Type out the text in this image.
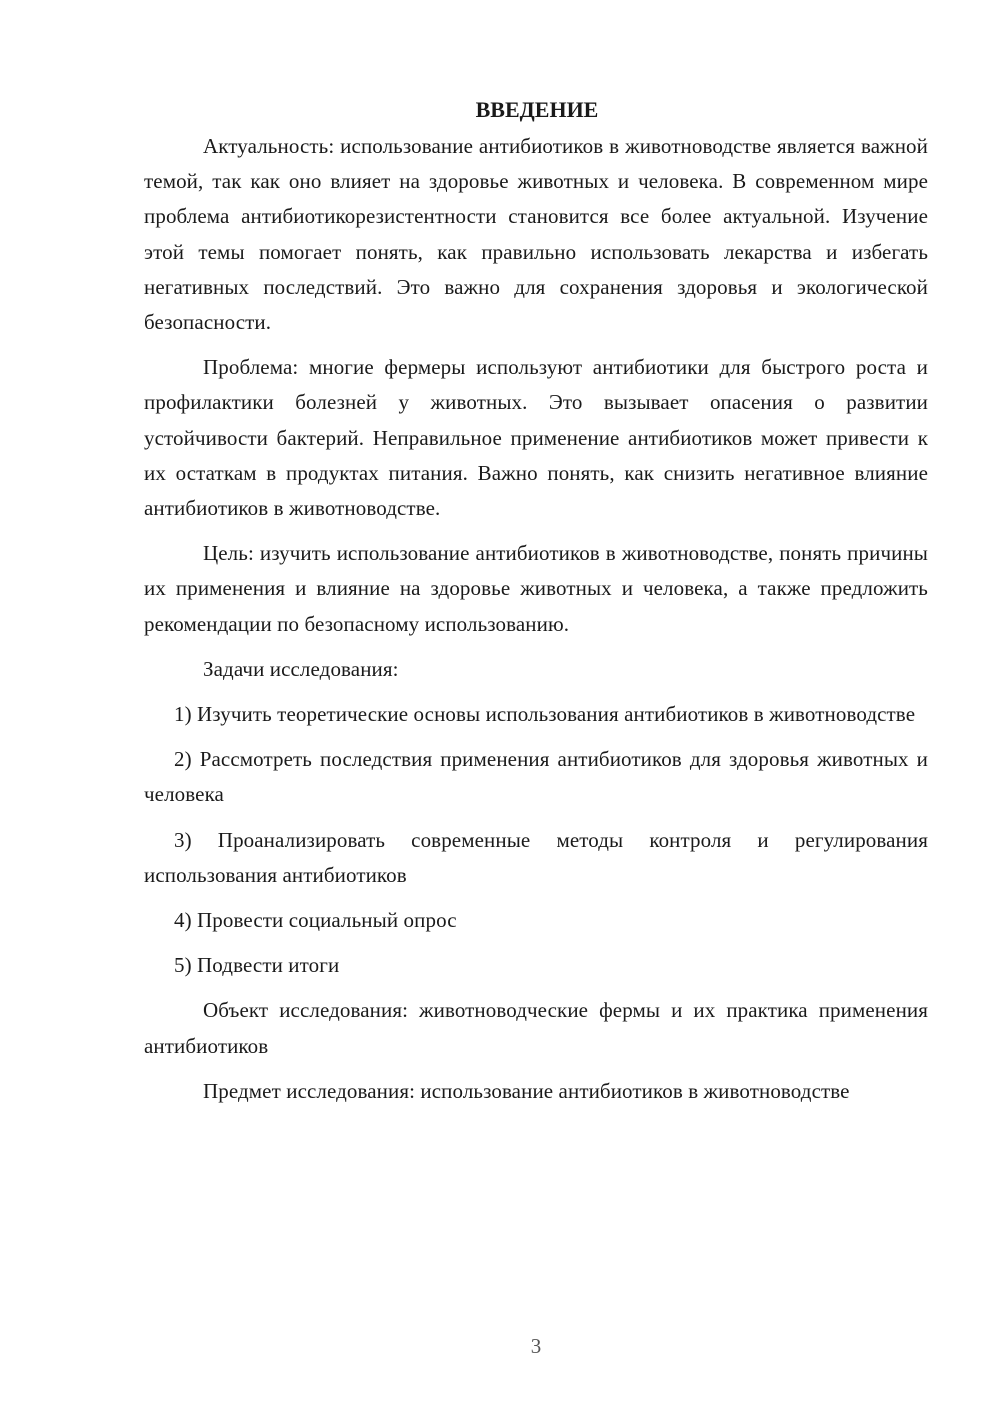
ВВЕДЕНИЕ

Актуальность: использование антибиотиков в животноводстве является важной темой, так как оно влияет на здоровье животных и человека. В современном мире проблема антибиотикорезистентности становится все более актуальной. Изучение этой темы помогает понять, как правильно использовать лекарства и избегать негативных последствий. Это важно для сохранения здоровья и экологической безопасности.

Проблема: многие фермеры используют антибиотики для быстрого роста и профилактики болезней у животных. Это вызывает опасения о развитии устойчивости бактерий. Неправильное применение антибиотиков может привести к их остаткам в продуктах питания. Важно понять, как снизить негативное влияние антибиотиков в животноводстве.

Цель: изучить использование антибиотиков в животноводстве, понять причины их применения и влияние на здоровье животных и человека, а также предложить рекомендации по безопасному использованию.

Задачи исследования:

1) Изучить теоретические основы использования антибиотиков в животноводстве

2) Рассмотреть последствия применения антибиотиков для здоровья животных и человека

3) Проанализировать современные методы контроля и регулирования использования антибиотиков

4) Провести социальный опрос

5) Подвести итоги

Объект исследования: животноводческие фермы и их практика применения антибиотиков

Предмет исследования: использование антибиотиков в животноводстве

3
